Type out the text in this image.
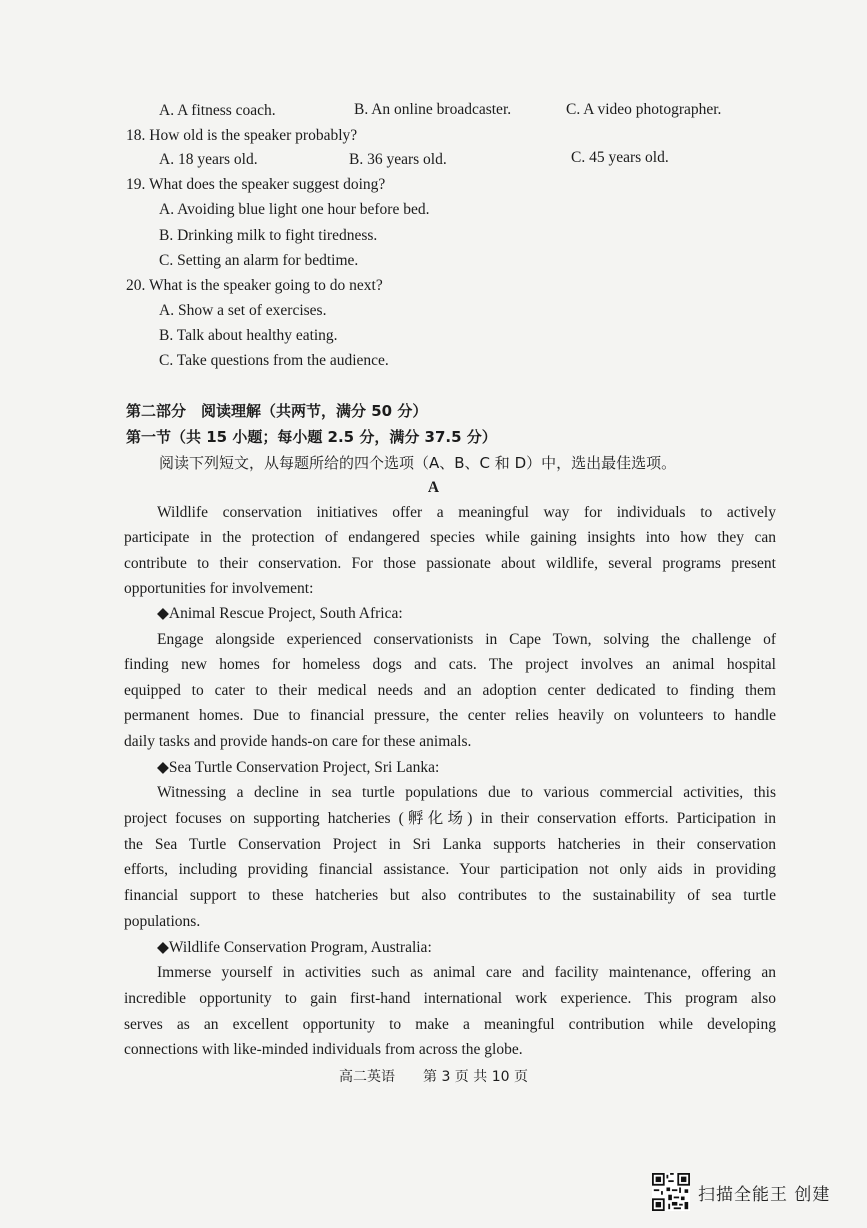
A. A fitness coach.	B. An online broadcaster.	C. A video photographer.
18. How old is the speaker probably?
A. 18 years old.	B. 36 years old.	C. 45 years old.
19. What does the speaker suggest doing?
A. Avoiding blue light one hour before bed.
B. Drinking milk to fight tiredness.
C. Setting an alarm for bedtime.
20. What is the speaker going to do next?
A. Show a set of exercises.
B. Talk about healthy eating.
C. Take questions from the audience.
第二部分　阅读理解（共两节，满分 50 分）
第一节（共 15 小题；每小题 2.5 分，满分 37.5 分）
阅读下列短文，从每题所给的四个选项（A、B、C 和 D）中，选出最佳选项。
A
Wildlife conservation initiatives offer a meaningful way for individuals to actively
participate in the protection of endangered species while gaining insights into how they can
contribute to their conservation. For those passionate about wildlife, several programs present
opportunities for involvement:
◆Animal Rescue Project, South Africa:
Engage alongside experienced conservationists in Cape Town, solving the challenge of
finding new homes for homeless dogs and cats. The project involves an animal hospital
equipped to cater to their medical needs and an adoption center dedicated to finding them
permanent homes. Due to financial pressure, the center relies heavily on volunteers to handle
daily tasks and provide hands-on care for these animals.
◆Sea Turtle Conservation Project, Sri Lanka:
Witnessing a decline in sea turtle populations due to various commercial activities, this
project focuses on supporting hatcheries (孵化场) in their conservation efforts. Participation in
the Sea Turtle Conservation Project in Sri Lanka supports hatcheries in their conservation
efforts, including providing financial assistance. Your participation not only aids in providing
financial support to these hatcheries but also contributes to the sustainability of sea turtle
populations.
◆Wildlife Conservation Program, Australia:
Immerse yourself in activities such as animal care and facility maintenance, offering an
incredible opportunity to gain first-hand international work experience. This program also
serves as an excellent opportunity to make a meaningful contribution while developing
connections with like-minded individuals from across the globe.
高二英语　　第 3 页 共 10 页
扫描全能王 创建
